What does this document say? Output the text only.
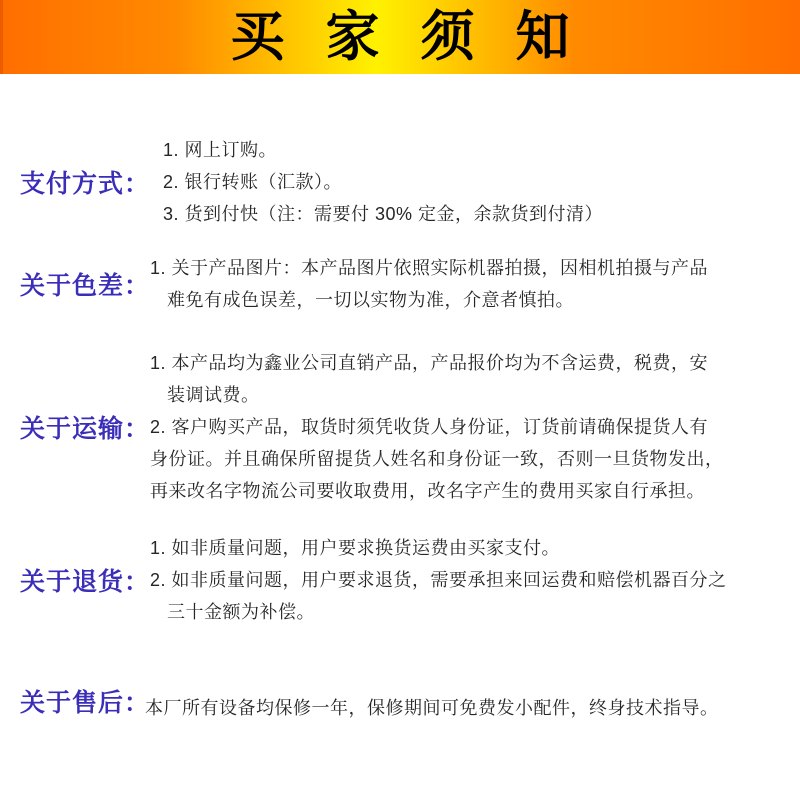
买 家 须 知
支付方式：
1. 网上订购。
2. 银行转账（汇款）。
3. 货到付快（注：需要付 30% 定金，余款货到付清）
关于色差：
1. 关于产品图片：本产品图片依照实际机器拍摄，因相机拍摄与产品
难免有成色误差，一切以实物为准，介意者慎拍。
关于运输：
1. 本产品均为鑫业公司直销产品，产品报价均为不含运费，税费，安
装调试费。
2. 客户购买产品，取货时须凭收货人身份证，订货前请确保提货人有
身份证。并且确保所留提货人姓名和身份证一致，否则一旦货物发出，
再来改名字物流公司要收取费用，改名字产生的费用买家自行承担。
关于退货：
1. 如非质量问题，用户要求换货运费由买家支付。
2. 如非质量问题，用户要求退货，需要承担来回运费和赔偿机器百分之
三十金额为补偿。
关于售后：
本厂所有设备均保修一年，保修期间可免费发小配件，终身技术指导。
